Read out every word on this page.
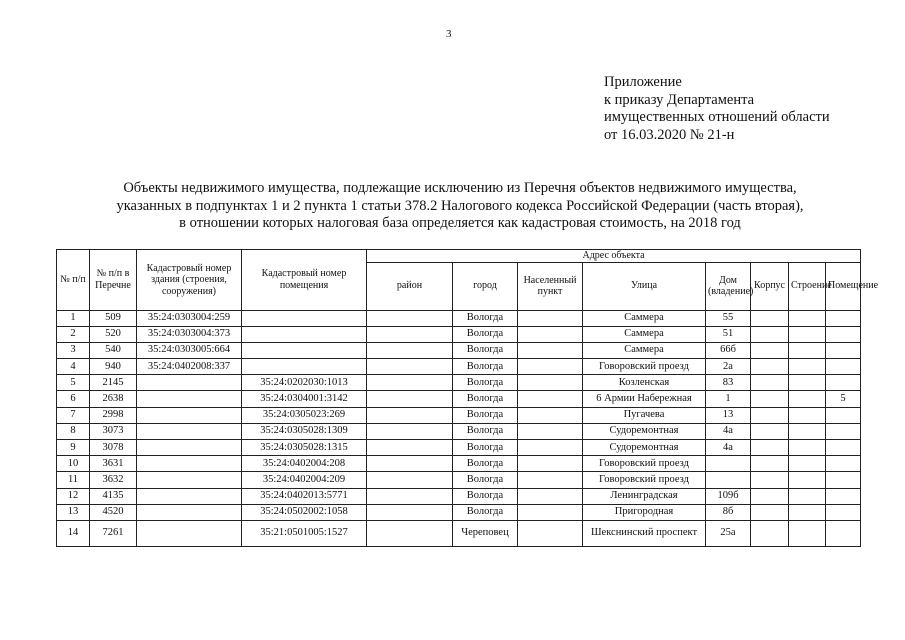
3
Приложение
к приказу Департамента
имущественных отношений области
от 16.03.2020 № 21-н
Объекты недвижимого имущества, подлежащие исключению из Перечня объектов недвижимого имущества,
указанных в подпунктах 1 и 2 пункта 1 статьи 378.2 Налогового кодекса Российской Федерации (часть вторая),
в отношении которых налоговая база определяется как кадастровая стоимость, на 2018 год
№ п/п	№ п/п в Перечне	Кадастровый номер здания (строения, сооружения)	Кадастровый номер помещения	Адрес объекта							
				район	город	Населенный пункт	Улица	Дом (владение)	Корпус	Строение	Помещение
1	509	35:24:0303004:259			Вологда		Саммера	55			
2	520	35:24:0303004:373			Вологда		Саммера	51			
3	540	35:24:0303005:664			Вологда		Саммера	66б			
4	940	35:24:0402008:337			Вологда		Говоровский проезд	2а			
5	2145		35:24:0202030:1013		Вологда		Козленская	83			
6	2638		35:24:0304001:3142		Вологда		6 Армии Набережная	1			5
7	2998		35:24:0305023:269		Вологда		Пугачева	13			
8	3073		35:24:0305028:1309		Вологда		Судоремонтная	4а			
9	3078		35:24:0305028:1315		Вологда		Судоремонтная	4а			
10	3631		35:24:0402004:208		Вологда		Говоровский проезд				
11	3632		35:24:0402004:209		Вологда		Говоровский проезд				
12	4135		35:24:0402013:5771		Вологда		Ленинградская	109б			
13	4520		35:24:0502002:1058		Вологда		Пригородная	8б			
14	7261		35:21:0501005:1527		Череповец		Шекснинский проспект	25а			
